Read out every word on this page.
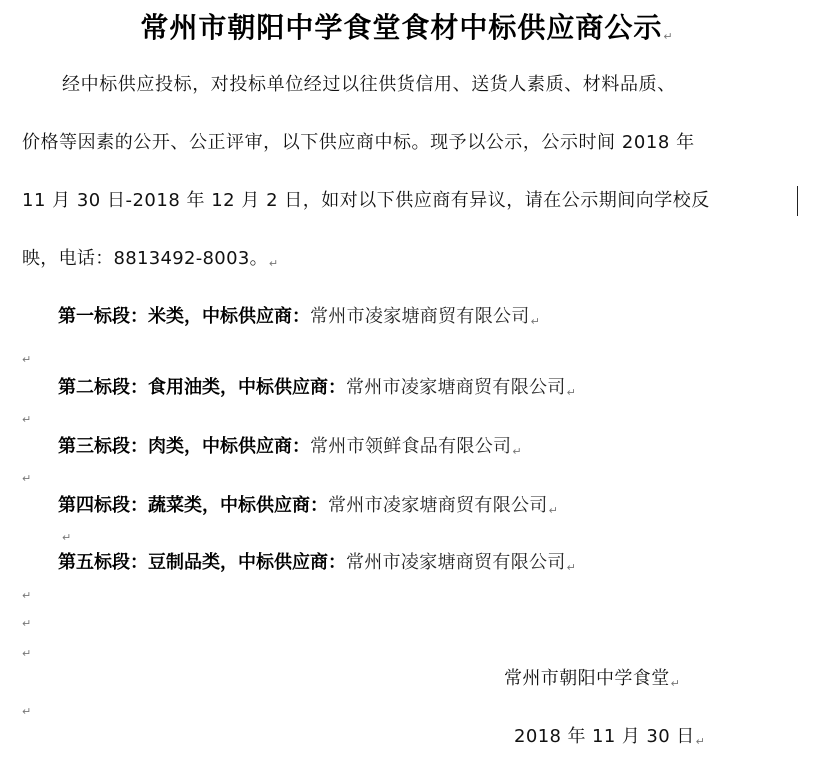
常州市朝阳中学食堂食材中标供应商公示↵
经中标供应投标，对投标单位经过以往供货信用、送货人素质、材料品质、
价格等因素的公开、公正评审，以下供应商中标。现予以公示，公示时间 2018 年
11 月 30 日-2018 年 12 月 2 日，如对以下供应商有异议，请在公示期间向学校反
映，电话：8813492-8003。↵
第一标段：米类，中标供应商：常州市凌家塘商贸有限公司↵
↵
第二标段：食用油类，中标供应商：常州市凌家塘商贸有限公司↵
↵
第三标段：肉类，中标供应商：常州市领鲜食品有限公司↵
↵
第四标段：蔬菜类，中标供应商：常州市凌家塘商贸有限公司↵
↵
第五标段：豆制品类，中标供应商：常州市凌家塘商贸有限公司↵
↵
↵
↵
常州市朝阳中学食堂↵
↵
2018 年 11 月 30 日↵
